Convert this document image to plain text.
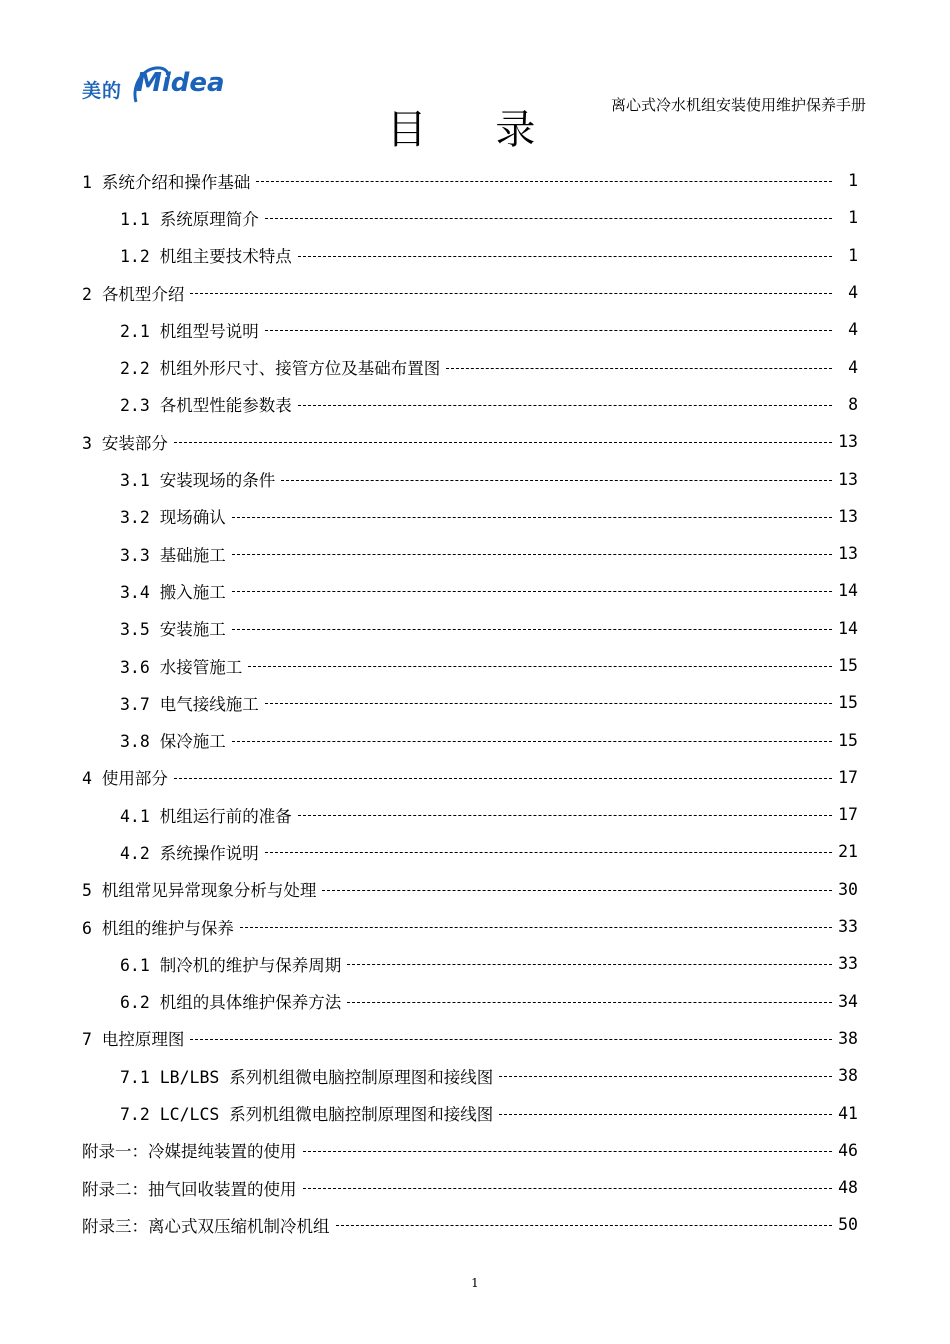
美的 Midea
离心式冷水机组安装使用维护保养手册
目 录
1 系统介绍和操作基础	1
1.1 系统原理简介	1
1.2 机组主要技术特点	1
2 各机型介绍	4
2.1 机组型号说明	4
2.2 机组外形尺寸、接管方位及基础布置图	4
2.3 各机型性能参数表	8
3 安装部分	13
3.1 安装现场的条件	13
3.2 现场确认	13
3.3 基础施工	13
3.4 搬入施工	14
3.5 安装施工	14
3.6 水接管施工	15
3.7 电气接线施工	15
3.8 保冷施工	15
4 使用部分	17
4.1 机组运行前的准备	17
4.2 系统操作说明	21
5 机组常见异常现象分析与处理	30
6 机组的维护与保养	33
6.1 制冷机的维护与保养周期	33
6.2 机组的具体维护保养方法	34
7 电控原理图	38
7.1 LB/LBS 系列机组微电脑控制原理图和接线图	38
7.2 LC/LCS 系列机组微电脑控制原理图和接线图	41
附录一：冷媒提纯装置的使用	46
附录二：抽气回收装置的使用	48
附录三：离心式双压缩机制冷机组	50
1
